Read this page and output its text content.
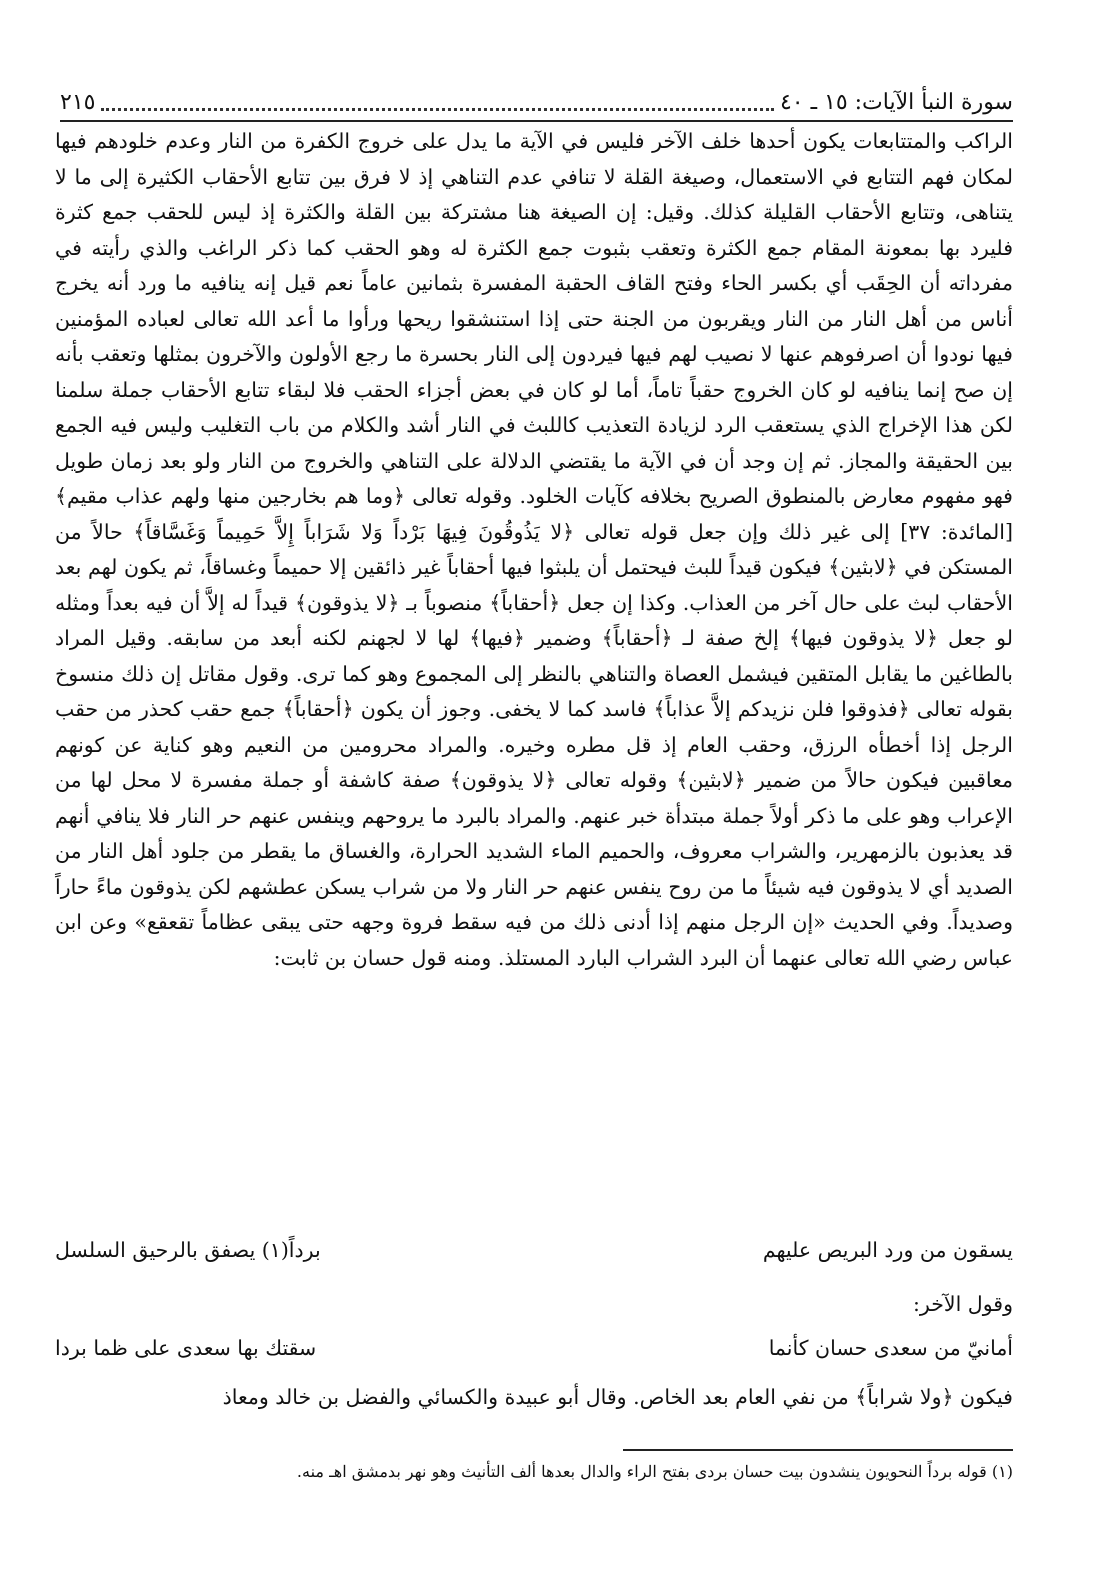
سورة النبأ الآيات: ١٥ ـ ٤٠
٢١٥

الراكب والمتتابعات يكون أحدها خلف الآخر فليس في الآية ما يدل على خروج الكفرة من النار وعدم خلودهم فيها لمكان فهم التتابع في الاستعمال، وصيغة القلة لا تنافي عدم التناهي إذ لا فرق بين تتابع الأحقاب الكثيرة إلى ما لا يتناهى، وتتابع الأحقاب القليلة كذلك. وقيل: إن الصيغة هنا مشتركة بين القلة والكثرة إذ ليس للحقب جمع كثرة فليرد بها بمعونة المقام جمع الكثرة وتعقب بثبوت جمع الكثرة له وهو الحقب كما ذكر الراغب والذي رأيته في مفرداته أن الحِقَب أي بكسر الحاء وفتح القاف الحقبة المفسرة بثمانين عاماً نعم قيل إنه ينافيه ما ورد أنه يخرج أناس من أهل النار من النار ويقربون من الجنة حتى إذا استنشقوا ريحها ورأوا ما أعد الله تعالى لعباده المؤمنين فيها نودوا أن اصرفوهم عنها لا نصيب لهم فيها فيردون إلى النار بحسرة ما رجع الأولون والآخرون بمثلها وتعقب بأنه إن صح إنما ينافيه لو كان الخروج حقباً تاماً، أما لو كان في بعض أجزاء الحقب فلا لبقاء تتابع الأحقاب جملة سلمنا لكن هذا الإخراج الذي يستعقب الرد لزيادة التعذيب كاللبث في النار أشد والكلام من باب التغليب وليس فيه الجمع بين الحقيقة والمجاز. ثم إن وجد أن في الآية ما يقتضي الدلالة على التناهي والخروج من النار ولو بعد زمان طويل فهو مفهوم معارض بالمنطوق الصريح بخلافه كآيات الخلود. وقوله تعالى ﴿وما هم بخارجين منها ولهم عذاب مقيم﴾ [المائدة: ٣٧] إلى غير ذلك وإن جعل قوله تعالى ﴿لا يَذُوقُونَ فِيهَا بَرْداً وَلا شَرَاباً إِلاَّ حَمِيماً وَغَسَّاقاً﴾ حالاً من المستكن في ﴿لابثين﴾ فيكون قيداً للبث فيحتمل أن يلبثوا فيها أحقاباً غير ذائقين إلا حميماً وغساقاً، ثم يكون لهم بعد الأحقاب لبث على حال آخر من العذاب. وكذا إن جعل ﴿أحقاباً﴾ منصوباً بـ ﴿لا يذوقون﴾ قيداً له إلاَّ أن فيه بعداً ومثله لو جعل ﴿لا يذوقون فيها﴾ إلخ صفة لـ ﴿أحقاباً﴾ وضمير ﴿فيها﴾ لها لا لجهنم لكنه أبعد من سابقه. وقيل المراد بالطاغين ما يقابل المتقين فيشمل العصاة والتناهي بالنظر إلى المجموع وهو كما ترى. وقول مقاتل إن ذلك منسوخ بقوله تعالى ﴿فذوقوا فلن نزيدكم إلاَّ عذاباً﴾ فاسد كما لا يخفى. وجوز أن يكون ﴿أحقاباً﴾ جمع حقب كحذر من حقب الرجل إذا أخطأه الرزق، وحقب العام إذ قل مطره وخيره. والمراد محرومين من النعيم وهو كناية عن كونهم معاقبين فيكون حالاً من ضمير ﴿لابثين﴾ وقوله تعالى ﴿لا يذوقون﴾ صفة كاشفة أو جملة مفسرة لا محل لها من الإعراب وهو على ما ذكر أولاً جملة مبتدأة خبر عنهم. والمراد بالبرد ما يروحهم وينفس عنهم حر النار فلا ينافي أنهم قد يعذبون بالزمهرير، والشراب معروف، والحميم الماء الشديد الحرارة، والغساق ما يقطر من جلود أهل النار من الصديد أي لا يذوقون فيه شيئاً ما من روح ينفس عنهم حر النار ولا من شراب يسكن عطشهم لكن يذوقون ماءً حاراً وصديداً. وفي الحديث «إن الرجل منهم إذا أدنى ذلك من فيه سقط فروة وجهه حتى يبقى عظاماً تقعقع» وعن ابن عباس رضي الله تعالى عنهما أن البرد الشراب البارد المستلذ. ومنه قول حسان بن ثابت:

يسقون من ورد البريص عليهم
برداً(١) يصفق بالرحيق السلسل
وقول الآخر:
أمانيّ من سعدى حسان كأنما
سقتك بها سعدى على ظما بردا
فيكون ﴿ولا شراباً﴾ من نفي العام بعد الخاص. وقال أبو عبيدة والكسائي والفضل بن خالد ومعاذ
(١) قوله برداً النحويون ينشدون بيت حسان بردى بفتح الراء والدال بعدها ألف التأنيث وهو نهر بدمشق اهـ منه.
